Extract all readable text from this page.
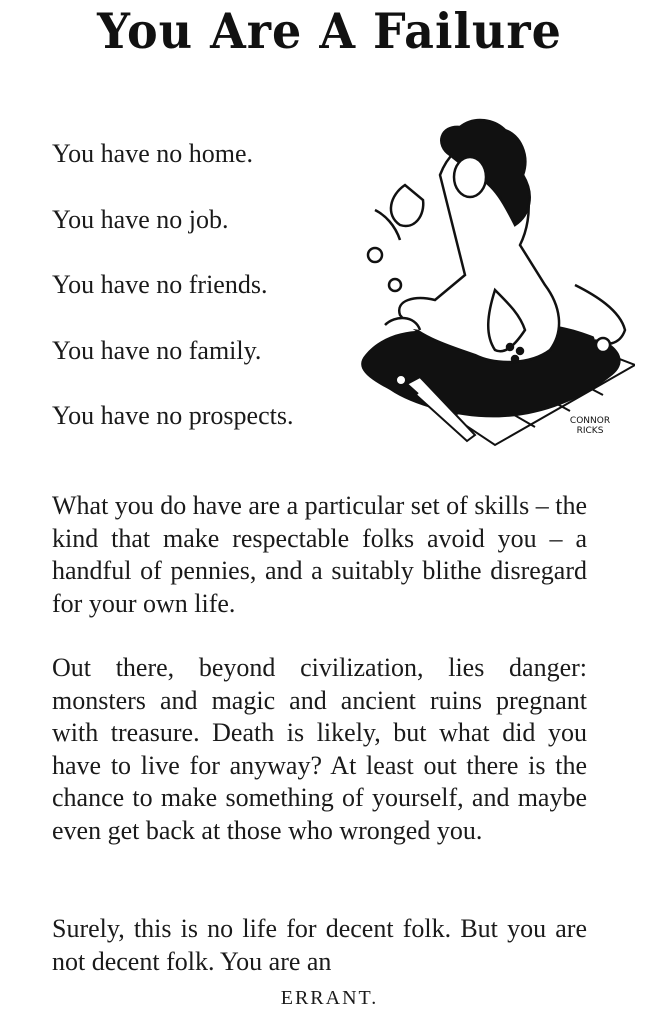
You Are A Failure
You have no home.
You have no job.
You have no friends.
You have no family.
You have no prospects.	CONNOR
RICKS
What you do have are a particular set of skills – the kind that make respectable folks avoid you – a handful of pennies, and a suitably blithe disregard for your own life.
Out there, beyond civilization, lies danger: monsters and magic and ancient ruins pregnant with treasure. Death is likely, but what did you have to live for anyway? At least out there is the chance to make something of yourself, and maybe even get back at those who wronged you.
Surely, this is no life for decent folk. But you are not decent folk. You are an
ERRANT.
